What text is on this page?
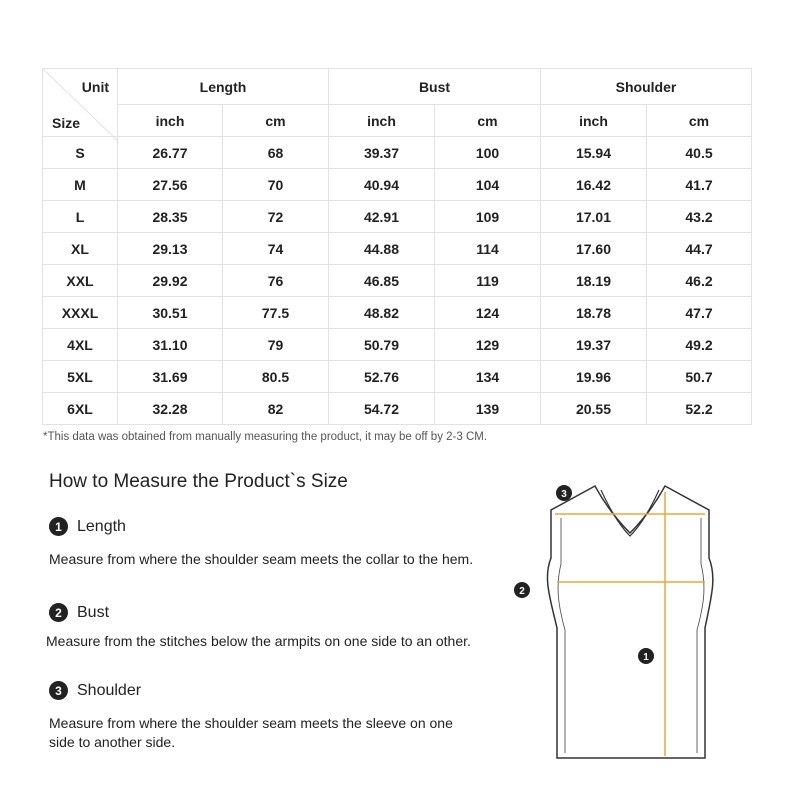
Unit
Size	Length		Bust		Shoulder	
	inch	cm	inch	cm	inch	cm
S	26.77	68	39.37	100	15.94	40.5
M	27.56	70	40.94	104	16.42	41.7
L	28.35	72	42.91	109	17.01	43.2
XL	29.13	74	44.88	114	17.60	44.7
XXL	29.92	76	46.85	119	18.19	46.2
XXXL	30.51	77.5	48.82	124	18.78	47.7
4XL	31.10	79	50.79	129	19.37	49.2
5XL	31.69	80.5	52.76	134	19.96	50.7
6XL	32.28	82	54.72	139	20.55	52.2
*This data was obtained from manually measuring the product, it may be off by 2-3 CM.
How to Measure the Product`s Size
1 Length
Measure from where the shoulder seam meets the collar to the hem.
2 Bust
Measure from the stitches below the armpits on one side to an other.
3 Shoulder
Measure from where the shoulder seam meets the sleeve on one side to another side.
1
2
3
